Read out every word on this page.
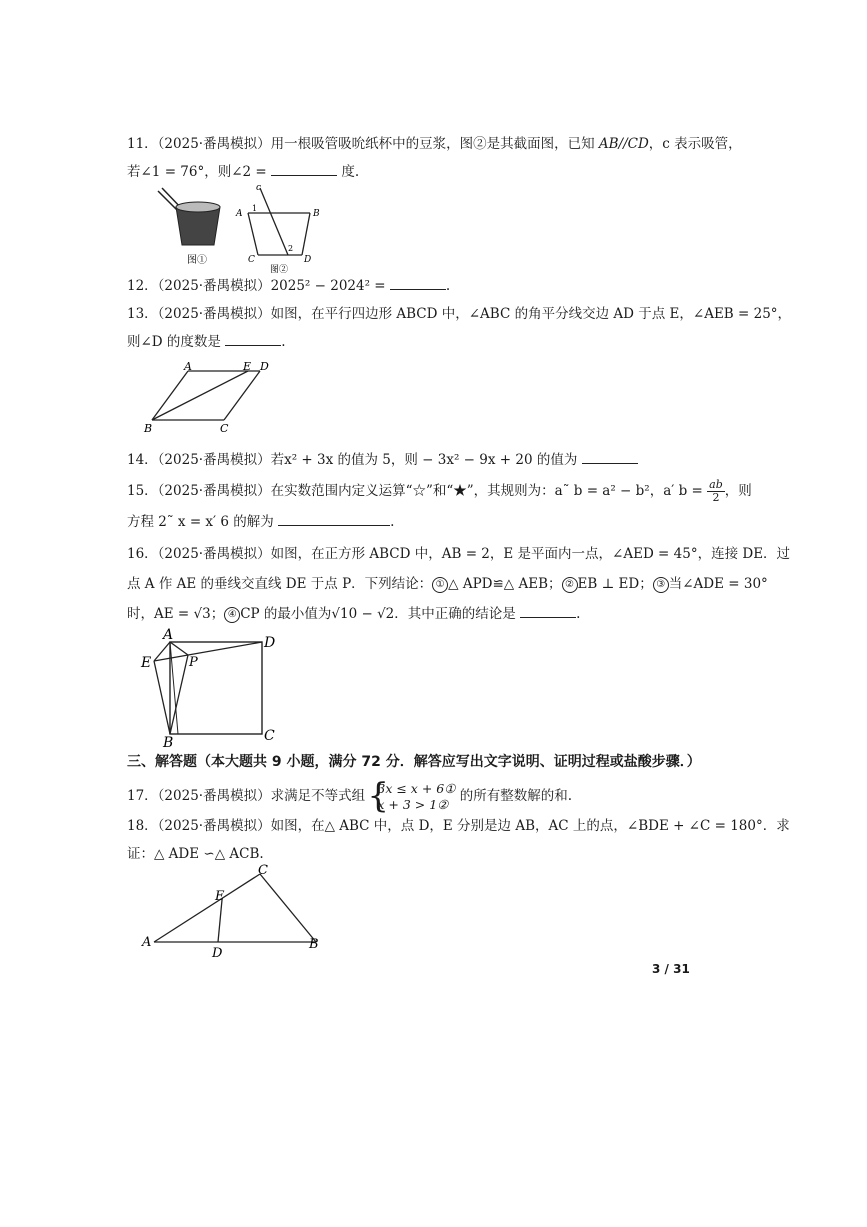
11．（2025·番禺模拟）用一根吸管吸吮纸杯中的豆浆，图②是其截面图，已知 AB//CD，c 表示吸管，
若∠1 = 76°，则∠2 =	度.
图①
c
A	B
C	D
1
2
图②
12．（2025·番禺模拟）2025² − 2024² =	.
13．（2025·番禺模拟）如图，在平行四边形 ABCD 中，∠ABC 的角平分线交边 AD 于点 E，∠AEB = 25°，
则∠D 的度数是	.
A	E D
B	C
14．（2025·番禺模拟）若x² + 3x 的值为 5，则 − 3x² − 9x + 20 的值为
15．（2025·番禺模拟）在实数范围内定义运算“☆”和“★”，其规则为：a˜ b = a² − b²，a′ $b = \frac{ab}{2}$ ，则
方程 2˜ x = x′ 6 的解为	.
16．（2025·番禺模拟）如图，在正方形 ABCD 中，AB = 2，E 是平面内一点，∠AED = 45°，连接 DE．过
点 A 作 AE 的垂线交直线 DE 于点 P．下列结论： ① △ APD≌△ AEB； ② EB ⊥ ED； ③ 当∠ADE = 30°
时，AE = √3； ④ CP 的最小值为√10 − √2．其中正确的结论是	.
A	D
E	P
B	C
三、解答题（本大题共 9 小题，满分 72 分．解答应写出文字说明、证明过程或盐酸步骤．）
17．（2025·番禺模拟）求满足不等式组
{ 3x ≤ x + 6①
x + 3 > 1② 的所有整数解的和.
18．（2025·番禺模拟）如图，在△ ABC 中，点 D，E 分别是边 AB，AC 上的点，∠BDE + ∠C = 180°．求
证：△ ADE ∽△ ACB.
A	B
C
D
E
3 / 31
